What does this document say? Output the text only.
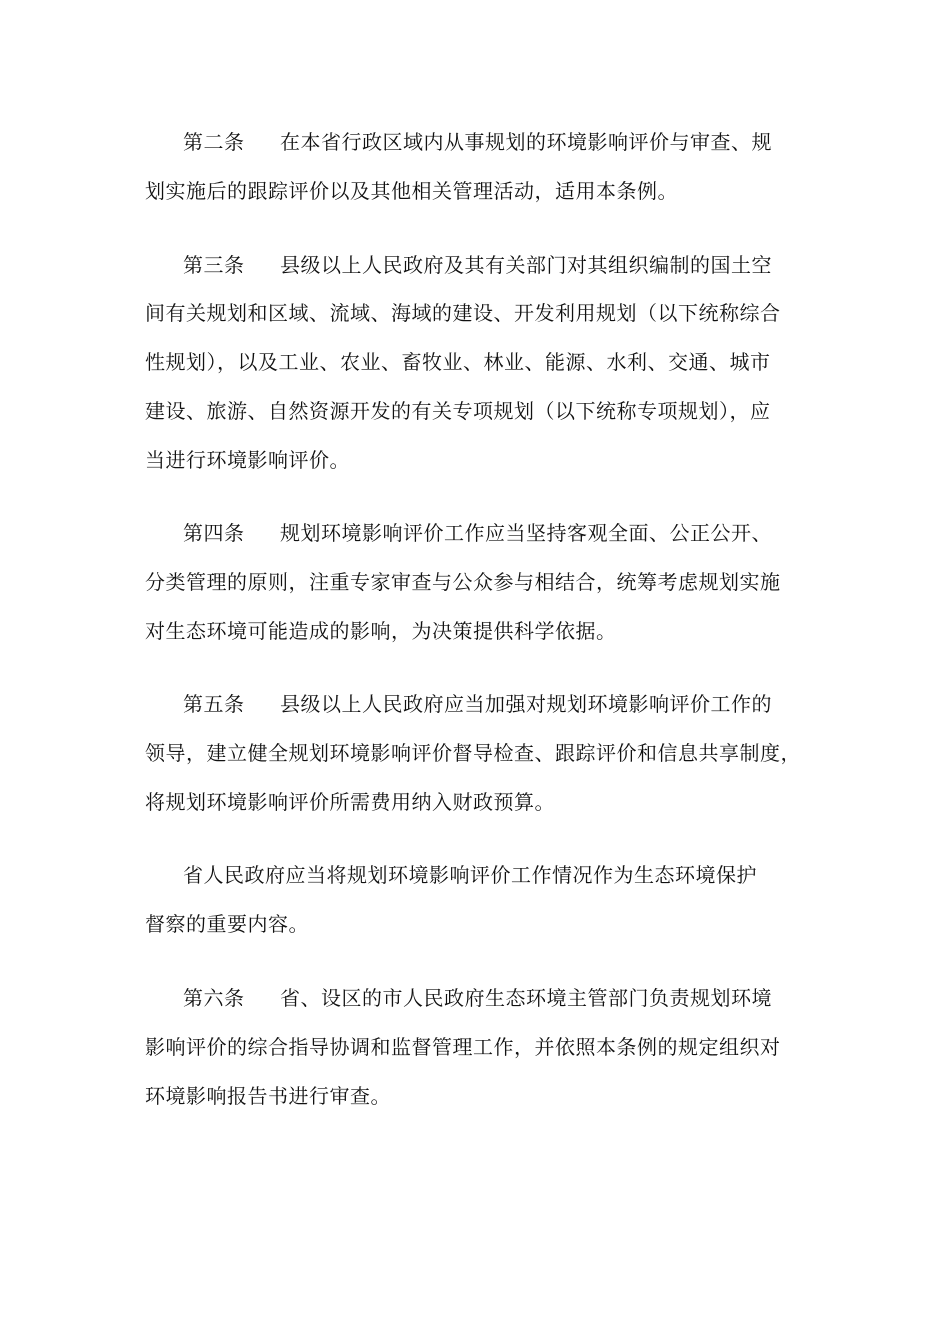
第二条 在本省行政区域内从事规划的环境影响评价与审查、规
划实施后的跟踪评价以及其他相关管理活动，适用本条例。
第三条 县级以上人民政府及其有关部门对其组织编制的国土空
间有关规划和区域、流域、海域的建设、开发利用规划（以下统称综合
性规划），以及工业、农业、畜牧业、林业、能源、水利、交通、城市
建设、旅游、自然资源开发的有关专项规划（以下统称专项规划），应
当进行环境影响评价。
第四条 规划环境影响评价工作应当坚持客观全面、公正公开、
分类管理的原则，注重专家审查与公众参与相结合，统筹考虑规划实施
对生态环境可能造成的影响，为决策提供科学依据。
第五条 县级以上人民政府应当加强对规划环境影响评价工作的
领导，建立健全规划环境影响评价督导检查、跟踪评价和信息共享制度，
将规划环境影响评价所需费用纳入财政预算。
省人民政府应当将规划环境影响评价工作情况作为生态环境保护
督察的重要内容。
第六条 省、设区的市人民政府生态环境主管部门负责规划环境
影响评价的综合指导协调和监督管理工作，并依照本条例的规定组织对
环境影响报告书进行审查。
